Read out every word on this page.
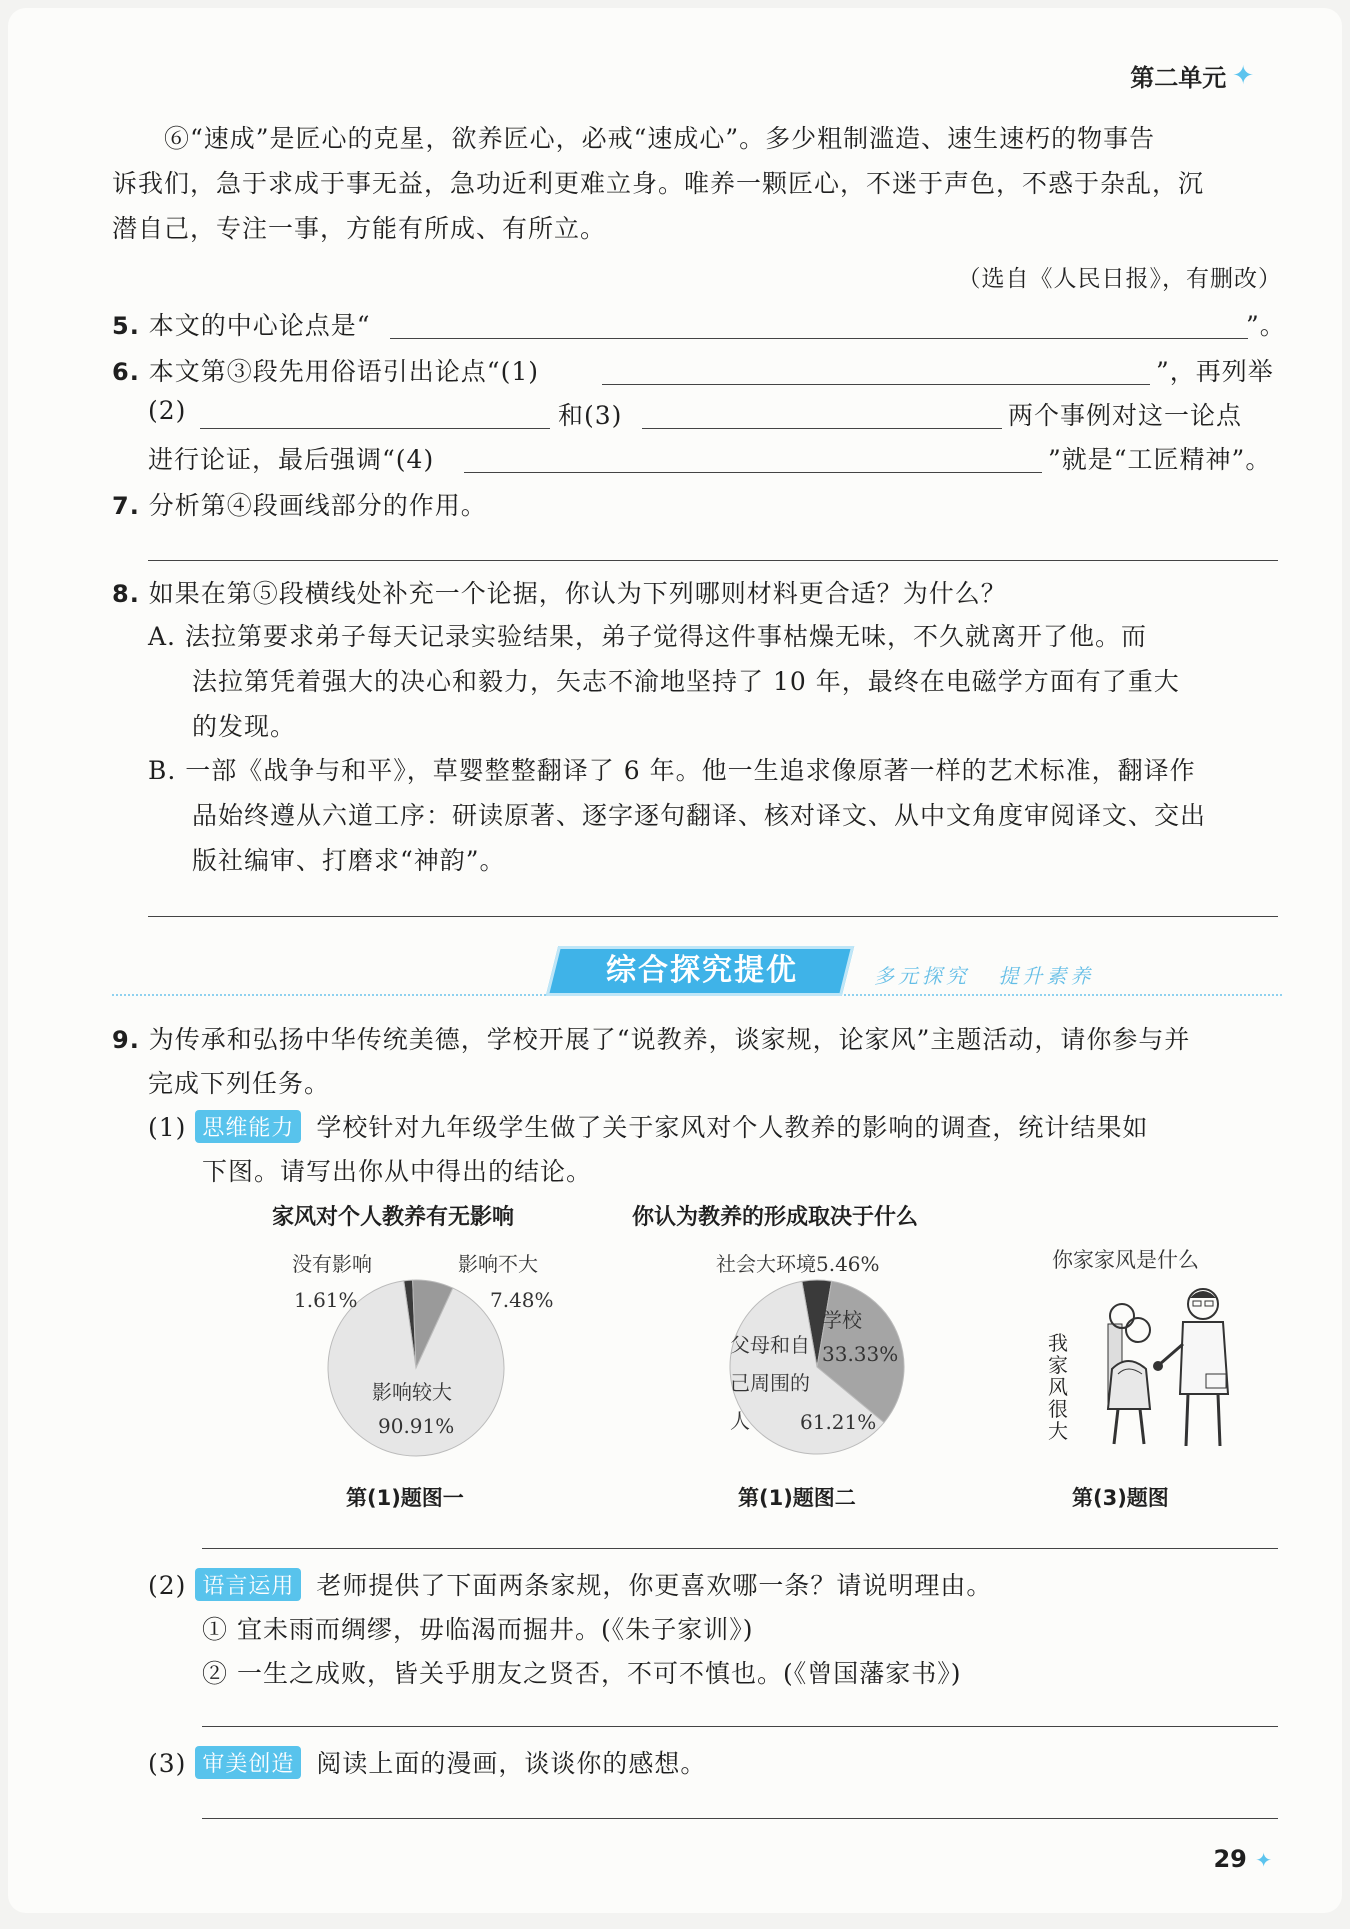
第二单元 ✦
⑥“速成”是匠心的克星，欲养匠心，必戒“速成心”。多少粗制滥造、速生速朽的物事告
诉我们，急于求成于事无益，急功近利更难立身。唯养一颗匠心，不迷于声色，不惑于杂乱，沉
潜自己，专注一事，方能有所成、有所立。
（选自《人民日报》，有删改）
5. 本文的中心论点是“	”。
6. 本文第③段先用俗语引出论点“(1)	”，再列举
(2)	和(3)	两个事例对这一论点
进行论证，最后强调“(4)	”就是“工匠精神”。
7. 分析第④段画线部分的作用。
8. 如果在第⑤段横线处补充一个论据，你认为下列哪则材料更合适？为什么？
A. 法拉第要求弟子每天记录实验结果，弟子觉得这件事枯燥无味，不久就离开了他。而
法拉第凭着强大的决心和毅力，矢志不渝地坚持了 10 年，最终在电磁学方面有了重大
的发现。
B. 一部《战争与和平》，草婴整整翻译了 6 年。他一生追求像原著一样的艺术标准，翻译作
品始终遵从六道工序：研读原著、逐字逐句翻译、核对译文、从中文角度审阅译文、交出
版社编审、打磨求“神韵”。
综合探究提优	多元探究 提升素养
9. 为传承和弘扬中华传统美德，学校开展了“说教养，谈家规，论家风”主题活动，请你参与并
完成下列任务。
(1) 思维能力 学校针对九年级学生做了关于家风对个人教养的影响的调查，统计结果如
下图。请写出你从中得出的结论。
家风对个人教养有无影响	你认为教养的形成取决于什么
没有影响
1.61%
影响不大
7.48%
影响较大
90.91%
社会大环境5.46%
学校
33.33%
父母和自己周围的人	61.21%
你家家风是什么
我
家
风
很
大
第(1)题图一	第(1)题图二	第(3)题图
(2) 语言运用 老师提供了下面两条家规，你更喜欢哪一条？请说明理由。
① 宜未雨而绸缪，毋临渴而掘井。(《朱子家训》)
② 一生之成败，皆关乎朋友之贤否，不可不慎也。(《曾国藩家书》)
(3) 审美创造 阅读上面的漫画，谈谈你的感想。
29 ✦
